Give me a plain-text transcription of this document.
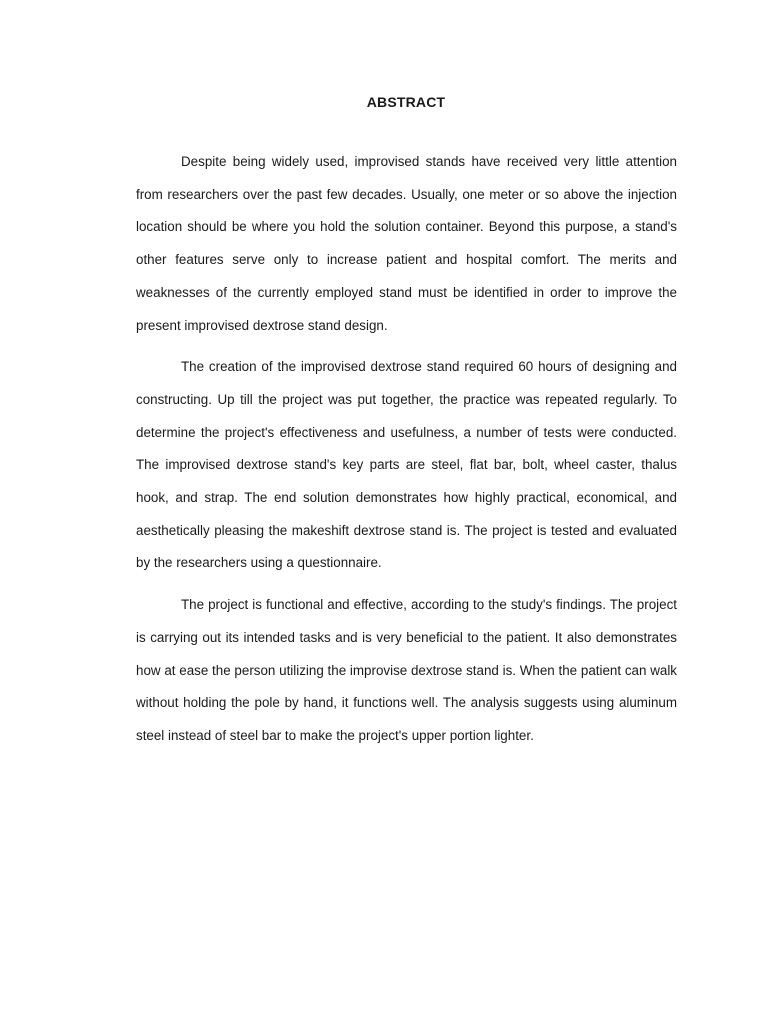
ABSTRACT

Despite being widely used, improvised stands have received very little attention from researchers over the past few decades. Usually, one meter or so above the injection location should be where you hold the solution container. Beyond this purpose, a stand's other features serve only to increase patient and hospital comfort. The merits and weaknesses of the currently employed stand must be identified in order to improve the present improvised dextrose stand design.

The creation of the improvised dextrose stand required 60 hours of designing and constructing. Up till the project was put together, the practice was repeated regularly. To determine the project's effectiveness and usefulness, a number of tests were conducted. The improvised dextrose stand's key parts are steel, flat bar, bolt, wheel caster, thalus hook, and strap. The end solution demonstrates how highly practical, economical, and aesthetically pleasing the makeshift dextrose stand is. The project is tested and evaluated by the researchers using a questionnaire.

The project is functional and effective, according to the study's findings. The project is carrying out its intended tasks and is very beneficial to the patient. It also demonstrates how at ease the person utilizing the improvise dextrose stand is. When the patient can walk without holding the pole by hand, it functions well. The analysis suggests using aluminum steel instead of steel bar to make the project's upper portion lighter.
